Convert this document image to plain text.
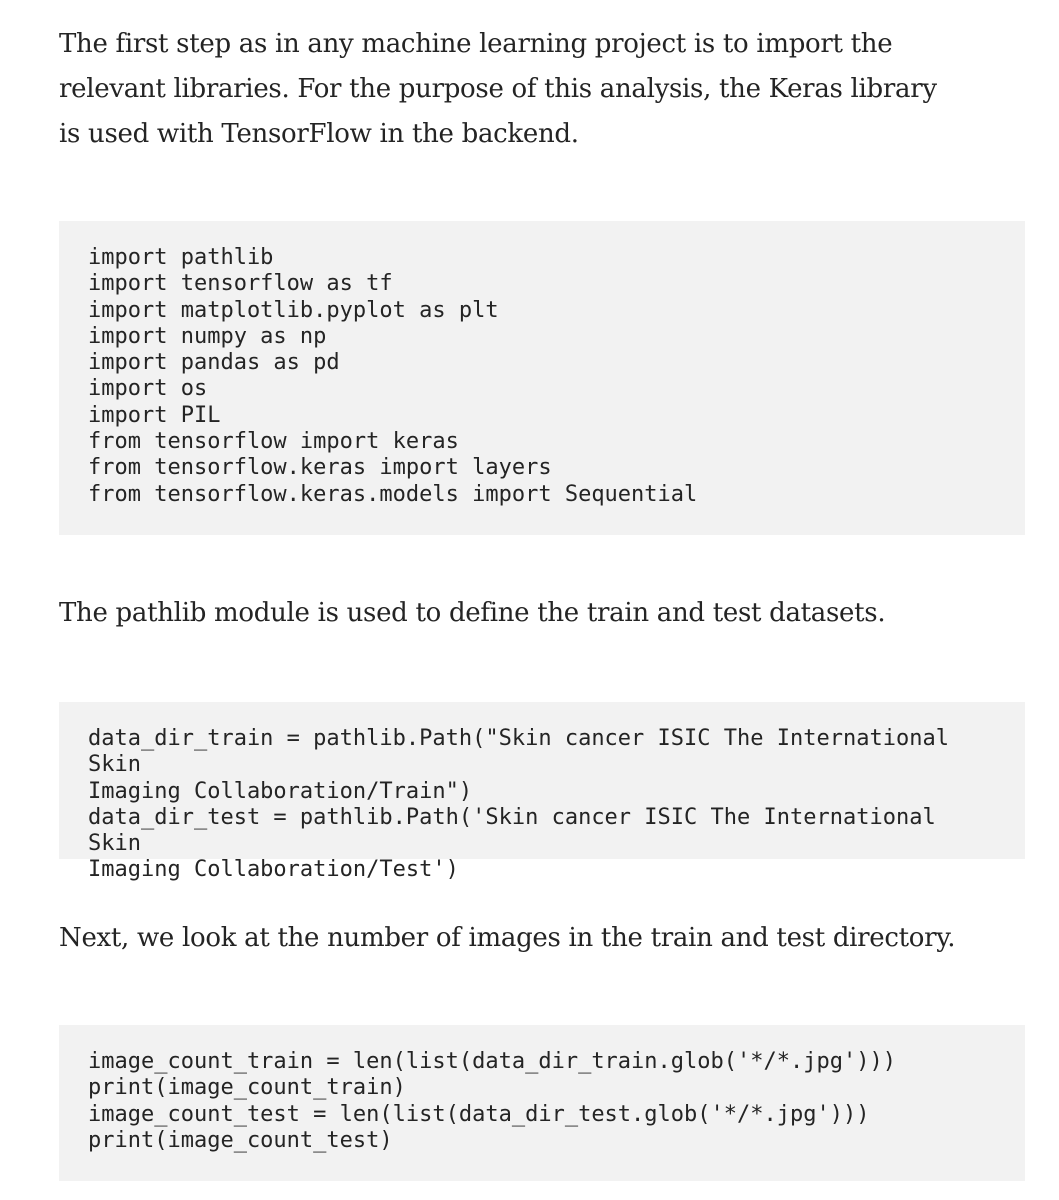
The first step as in any machine learning project is to import the relevant libraries. For the purpose of this analysis, the Keras library is used with TensorFlow in the backend.

import pathlib
import tensorflow as tf
import matplotlib.pyplot as plt
import numpy as np
import pandas as pd
import os
import PIL
from tensorflow import keras
from tensorflow.keras import layers
from tensorflow.keras.models import Sequential

The pathlib module is used to define the train and test datasets.

data_dir_train = pathlib.Path("Skin cancer ISIC The International Skin
Imaging Collaboration/Train")
data_dir_test = pathlib.Path('Skin cancer ISIC The International Skin
Imaging Collaboration/Test')

Next, we look at the number of images in the train and test directory.

image_count_train = len(list(data_dir_train.glob('*/*.jpg')))
print(image_count_train)
image_count_test = len(list(data_dir_test.glob('*/*.jpg')))
print(image_count_test)
